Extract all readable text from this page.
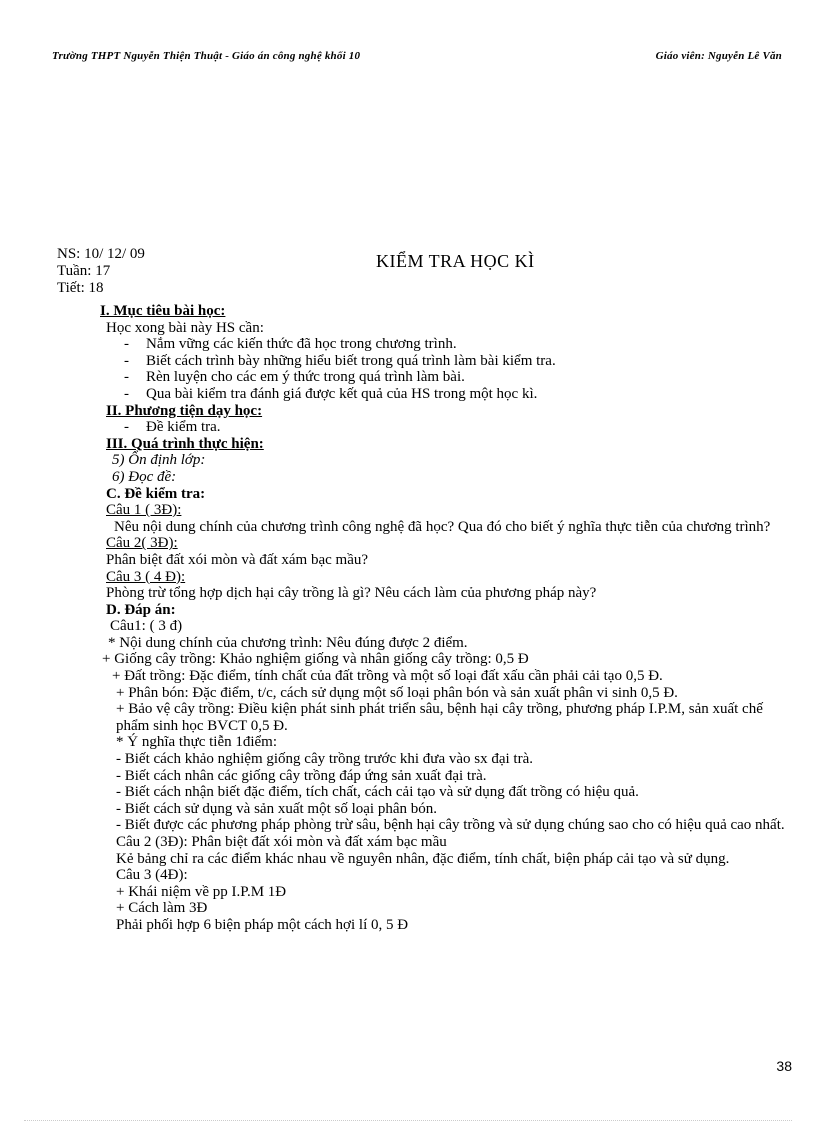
Trường THPT Nguyễn Thiện Thuật - Giáo án công nghệ khối 10	Giáo viên: Nguyễn Lê Văn
NS: 10/ 12/ 09
Tuần: 17
Tiết: 18
KIỂM TRA HỌC KÌ
I. Mục tiêu bài học:
Học xong bài này HS cần:
- Nắm vững các kiến thức đã học trong chương trình.
- Biết cách trình bày những hiểu biết trong quá trình làm bài kiểm tra.
- Rèn luyện cho các em ý thức trong quá trình làm bài.
- Qua bài kiểm tra đánh giá được kết quả của HS trong một học kì.
II. Phương tiện dạy học:
- Đề kiểm tra.
III. Quá trình thực hiện:
5) Ổn định lớp:
6) Đọc đề:
C. Đề kiểm tra:
Câu 1 ( 3Đ):
Nêu nội dung chính của chương trình công nghệ đã học? Qua đó cho biết ý nghĩa thực tiễn của chương trình?
Câu 2( 3Đ):
Phân biệt đất xói mòn và đất xám bạc mầu?
Câu 3 ( 4 Đ):
Phòng trừ tổng hợp dịch hại cây trồng là gì? Nêu cách làm của phương pháp này?
D. Đáp án:
Câu1: ( 3 đ)
* Nội dung chính của chương trình: Nêu đúng được 2 điểm.
+ Giống cây trồng: Khảo nghiệm giống và nhân giống cây trồng: 0,5 Đ
+ Đất trồng: Đặc điểm, tính chất của đất trồng và một số loại đất xấu cần phải cải tạo 0,5 Đ.
+ Phân bón: Đặc điểm, t/c, cách sử dụng một số loại phân bón và sản xuất phân vi sinh 0,5 Đ.
+ Bảo vệ cây trồng: Điều kiện phát sinh phát triển sâu, bệnh hại cây trồng, phương pháp I.P.M, sản xuất chế phẩm sinh học BVCT 0,5 Đ.
* Ý nghĩa thực tiễn 1điểm:
- Biết cách khảo nghiệm giống cây trồng trước khi đưa vào sx đại trà.
- Biết cách nhân các giống cây trồng đáp ứng sản xuất đại trà.
- Biết cách nhận biết đặc điểm, tích chất, cách cải tạo và sử dụng đất trồng có hiệu quả.
- Biết cách sử dụng và sản xuất một số loại phân bón.
- Biết được các phương pháp phòng trừ sâu, bệnh hại cây trồng và sử dụng chúng sao cho có hiệu quả cao nhất.
Câu 2 (3Đ): Phân biệt đất xói mòn và đất xám bạc mầu
Kẻ bảng chỉ ra các điểm khác nhau về nguyên nhân, đặc điểm, tính chất, biện pháp cải tạo và sử dụng.
Câu 3 (4Đ):
+ Khái niệm về pp I.P.M 1Đ
+ Cách làm 3Đ
Phải phối hợp 6 biện pháp một cách hợi lí 0, 5 Đ
38
